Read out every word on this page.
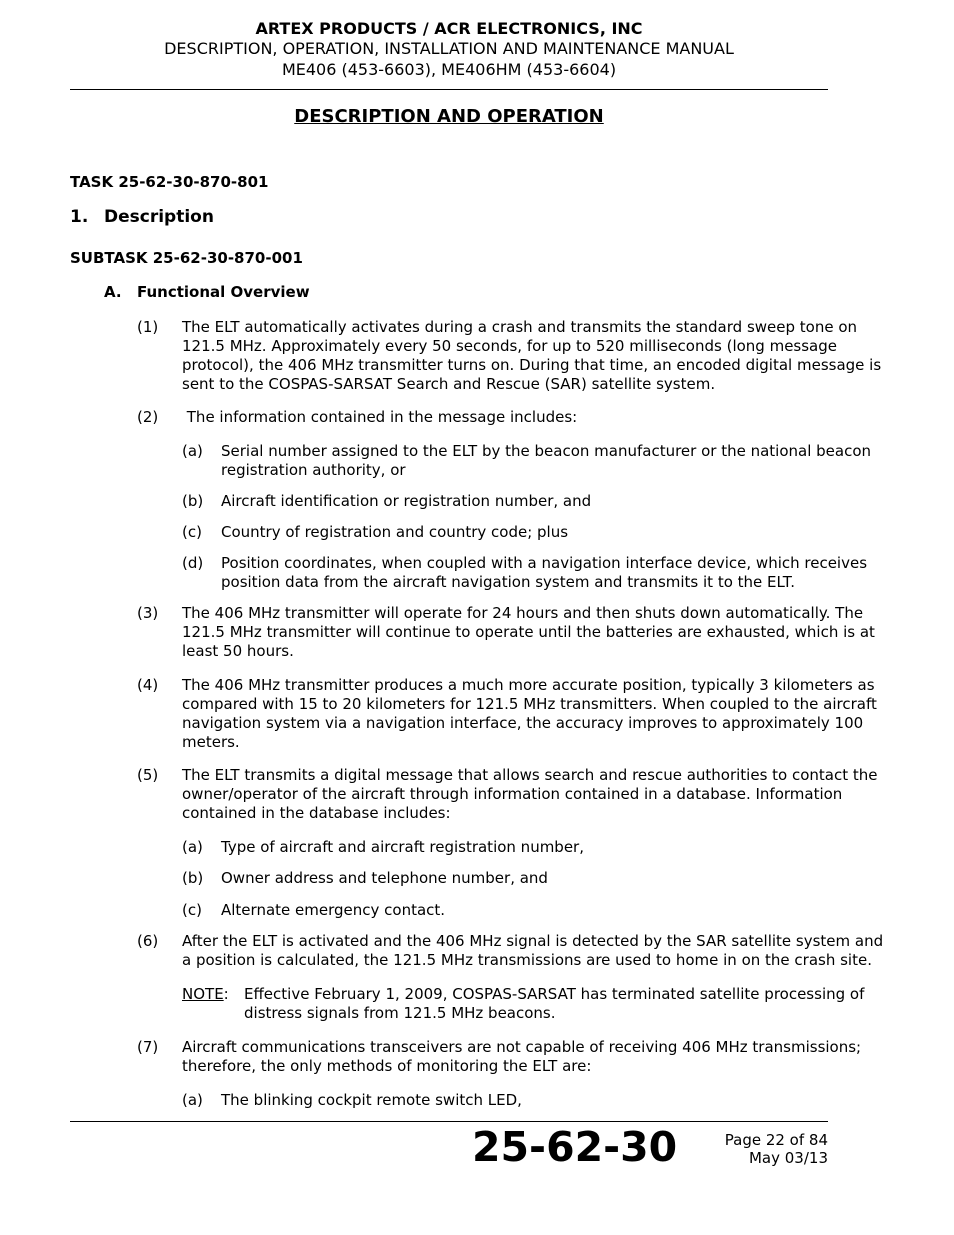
ARTEX PRODUCTS / ACR ELECTRONICS, INC
DESCRIPTION, OPERATION, INSTALLATION AND MAINTENANCE MANUAL
ME406 (453-6603), ME406HM (453-6604)
DESCRIPTION AND OPERATION
TASK 25-62-30-870-801
1. Description
SUBTASK 25-62-30-870-001
A. Functional Overview
(1) The ELT automatically activates during a crash and transmits the standard sweep tone on
121.5 MHz. Approximately every 50 seconds, for up to 520 milliseconds (long message
protocol), the 406 MHz transmitter turns on. During that time, an encoded digital message is
sent to the COSPAS-SARSAT Search and Rescue (SAR) satellite system.
(2) The information contained in the message includes:
(a) Serial number assigned to the ELT by the beacon manufacturer or the national beacon
registration authority, or
(b) Aircraft identification or registration number, and
(c) Country of registration and country code; plus
(d) Position coordinates, when coupled with a navigation interface device, which receives
position data from the aircraft navigation system and transmits it to the ELT.
(3) The 406 MHz transmitter will operate for 24 hours and then shuts down automatically. The
121.5 MHz transmitter will continue to operate until the batteries are exhausted, which is at
least 50 hours.
(4) The 406 MHz transmitter produces a much more accurate position, typically 3 kilometers as
compared with 15 to 20 kilometers for 121.5 MHz transmitters. When coupled to the aircraft
navigation system via a navigation interface, the accuracy improves to approximately 100
meters.
(5) The ELT transmits a digital message that allows search and rescue authorities to contact the
owner/operator of the aircraft through information contained in a database. Information
contained in the database includes:
(a) Type of aircraft and aircraft registration number,
(b) Owner address and telephone number, and
(c) Alternate emergency contact.
(6) After the ELT is activated and the 406 MHz signal is detected by the SAR satellite system and
a position is calculated, the 121.5 MHz transmissions are used to home in on the crash site.
NOTE: Effective February 1, 2009, COSPAS-SARSAT has terminated satellite processing of
distress signals from 121.5 MHz beacons.
(7) Aircraft communications transceivers are not capable of receiving 406 MHz transmissions;
therefore, the only methods of monitoring the ELT are:
(a) The blinking cockpit remote switch LED,
25-62-30	Page 22 of 84
May 03/13
